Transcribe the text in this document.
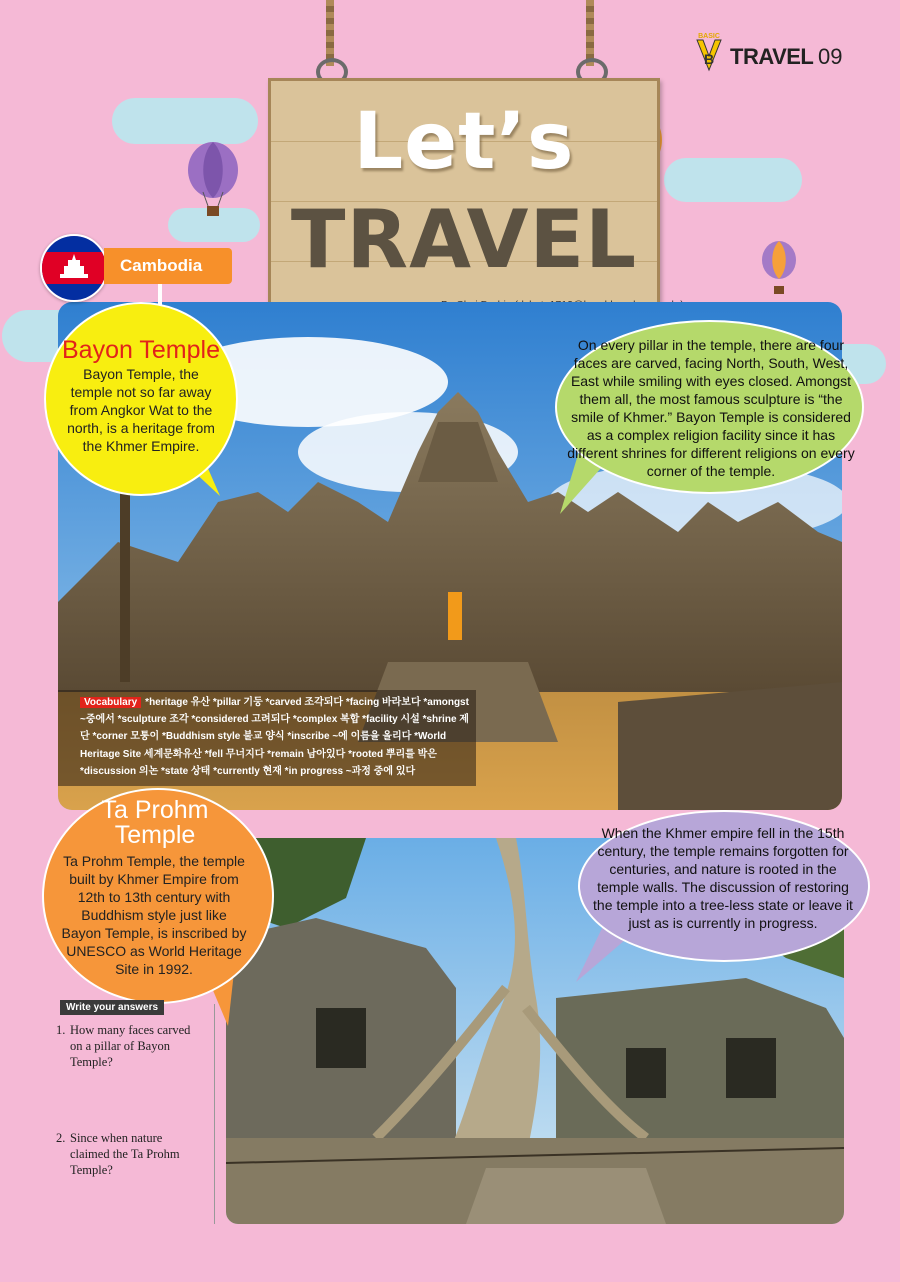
BASIC
B TRAVEL 09
Let’s
TRAVEL
Cambodia
Bayon Temple
Bayon Temple, the temple not so far away from Angkor Wat to the north, is a heritage from the Khmer Empire.
On every pillar in the temple, there are four faces are carved, facing North, South, West, East while smiling with eyes closed. Amongst them all, the most famous sculpture is “the smile of Khmer.” Bayon Temple is considered as a complex religion facility since it has different shrines for different religions on every corner of the temple.
Vocabulary *heritage 유산 *pillar 기둥 *carved 조각되다 *facing 바라보다 *amongst ~중에서 *sculpture 조각 *considered 고려되다 *complex 복합 *facility 시설 *shrine 제단 *corner 모퉁이 *Buddhism style 불교 양식 *inscribe ~에 이름을 올리다 *World Heritage Site 세계문화유산 *fell 무너지다 *remain 남아있다 *rooted 뿌리를 박은 *discussion 의논 *state 상태 *currently 현재 *in progress ~과정 중에 있다
Ta Prohm Temple
Ta Prohm Temple, the temple built by Khmer Empire from 12th to 13th century with Buddhism style just like Bayon Temple, is inscribed by UNESCO as World Heritage Site in 1992.
When the Khmer empire fell in the 15th century, the temple remains forgotten for centuries, and nature is rooted in the temple walls. The discussion of restoring the temple into a tree-less state or leave it just as is currently in progress.
Write your answers
1. How many faces carved on a pillar of Bayon Temple?
2. Since when nature claimed the Ta Prohm Temple?
